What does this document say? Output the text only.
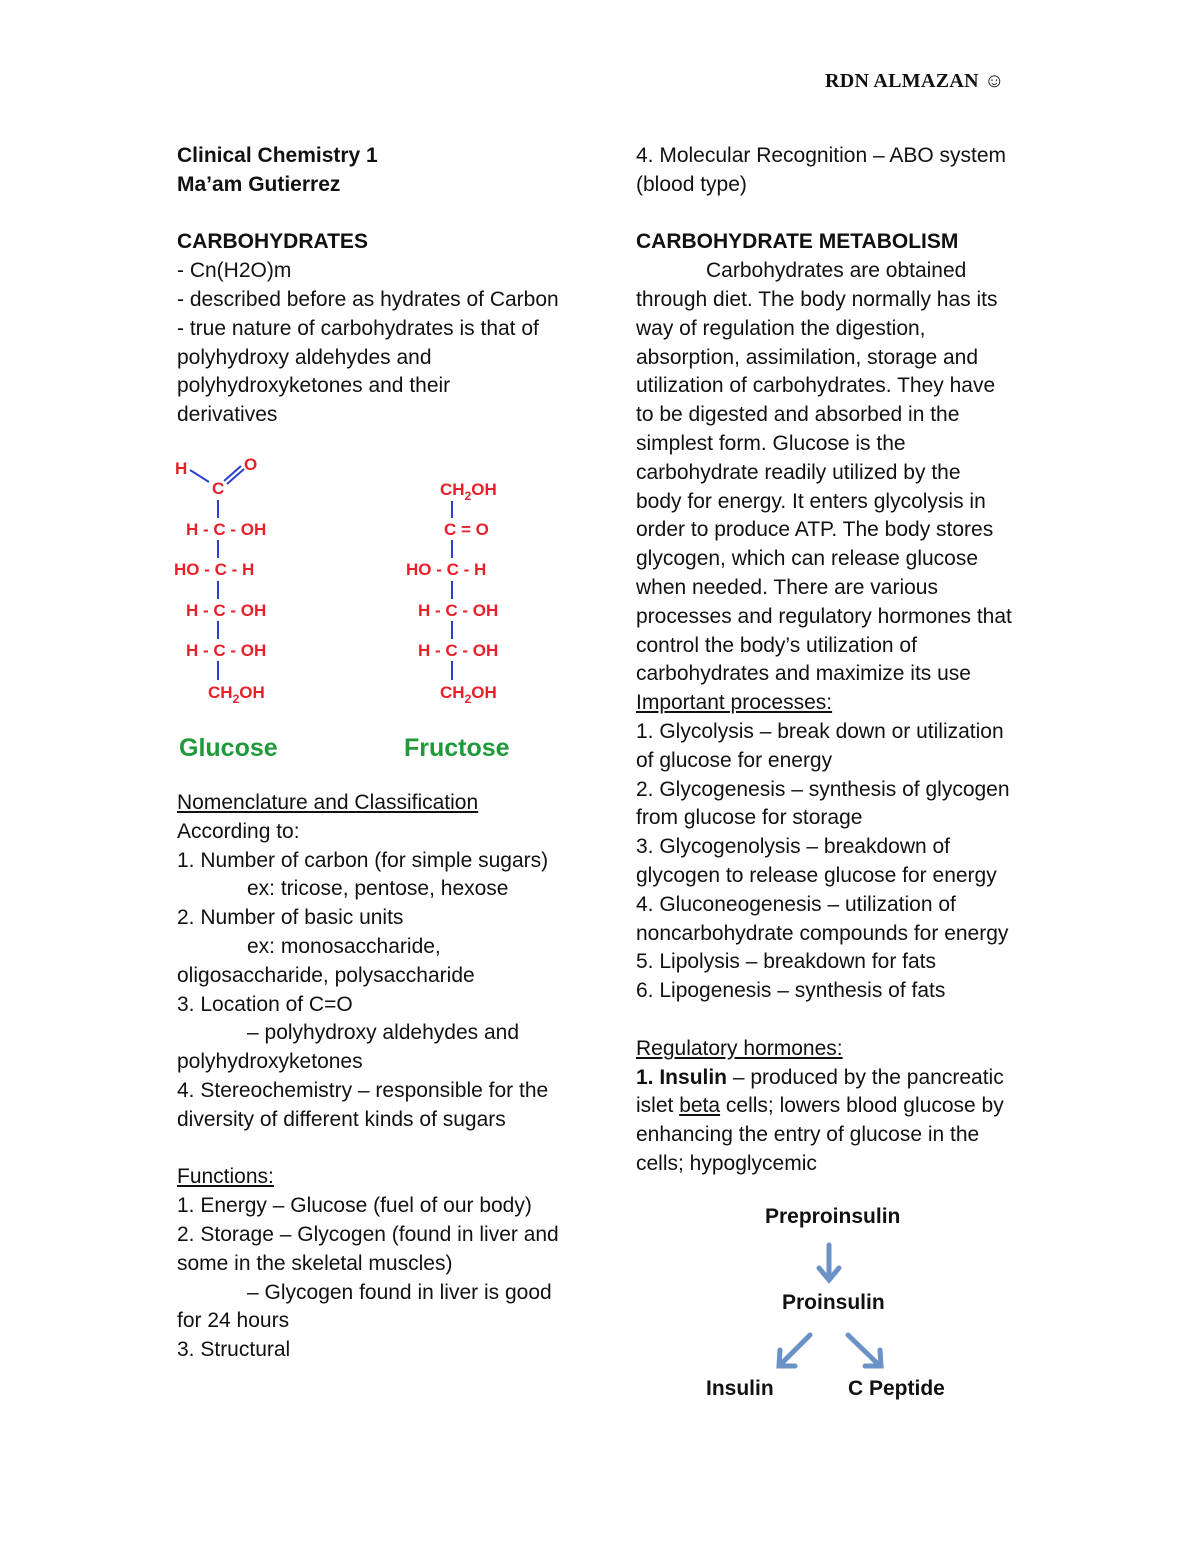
RDN ALMAZAN ☺
Clinical Chemistry 1
Ma’am Gutierrez
CARBOHYDRATES
- Cn(H2O)m
- described before as hydrates of Carbon
- true nature of carbohydrates is that of
polyhydroxy aldehydes and
polyhydroxyketones and their
derivatives
H	O
C
H - C - OH
HO - C - H
H - C - OH
H - C - OH
$CH_2OH$
$CH_2OH$
C = O
HO - C - H
H - C - OH
H - C - OH
$CH_2OH$
Glucose	Fructose
Nomenclature and Classification
According to:
1. Number of carbon (for simple sugars)
ex: tricose, pentose, hexose
2. Number of basic units
ex: monosaccharide,
oligosaccharide, polysaccharide
3. Location of C=O
– polyhydroxy aldehydes and
polyhydroxyketones
4. Stereochemistry – responsible for the
diversity of different kinds of sugars
Functions:
1. Energy – Glucose (fuel of our body)
2. Storage – Glycogen (found in liver and
some in the skeletal muscles)
– Glycogen found in liver is good
for 24 hours
3. Structural
4. Molecular Recognition – ABO system
(blood type)
CARBOHYDRATE METABOLISM
Carbohydrates are obtained
through diet. The body normally has its
way of regulation the digestion,
absorption, assimilation, storage and
utilization of carbohydrates. They have
to be digested and absorbed in the
simplest form. Glucose is the
carbohydrate readily utilized by the
body for energy. It enters glycolysis in
order to produce ATP. The body stores
glycogen, which can release glucose
when needed. There are various
processes and regulatory hormones that
control the body’s utilization of
carbohydrates and maximize its use
Important processes:
1. Glycolysis – break down or utilization
of glucose for energy
2. Glycogenesis – synthesis of glycogen
from glucose for storage
3. Glycogenolysis – breakdown of
glycogen to release glucose for energy
4. Gluconeogenesis – utilization of
noncarbohydrate compounds for energy
5. Lipolysis – breakdown for fats
6. Lipogenesis – synthesis of fats
Regulatory hormones:
1. Insulin – produced by the pancreatic
islet beta cells; lowers blood glucose by
enhancing the entry of glucose in the
cells; hypoglycemic
Preproinsulin
Proinsulin
Insulin	C Peptide
